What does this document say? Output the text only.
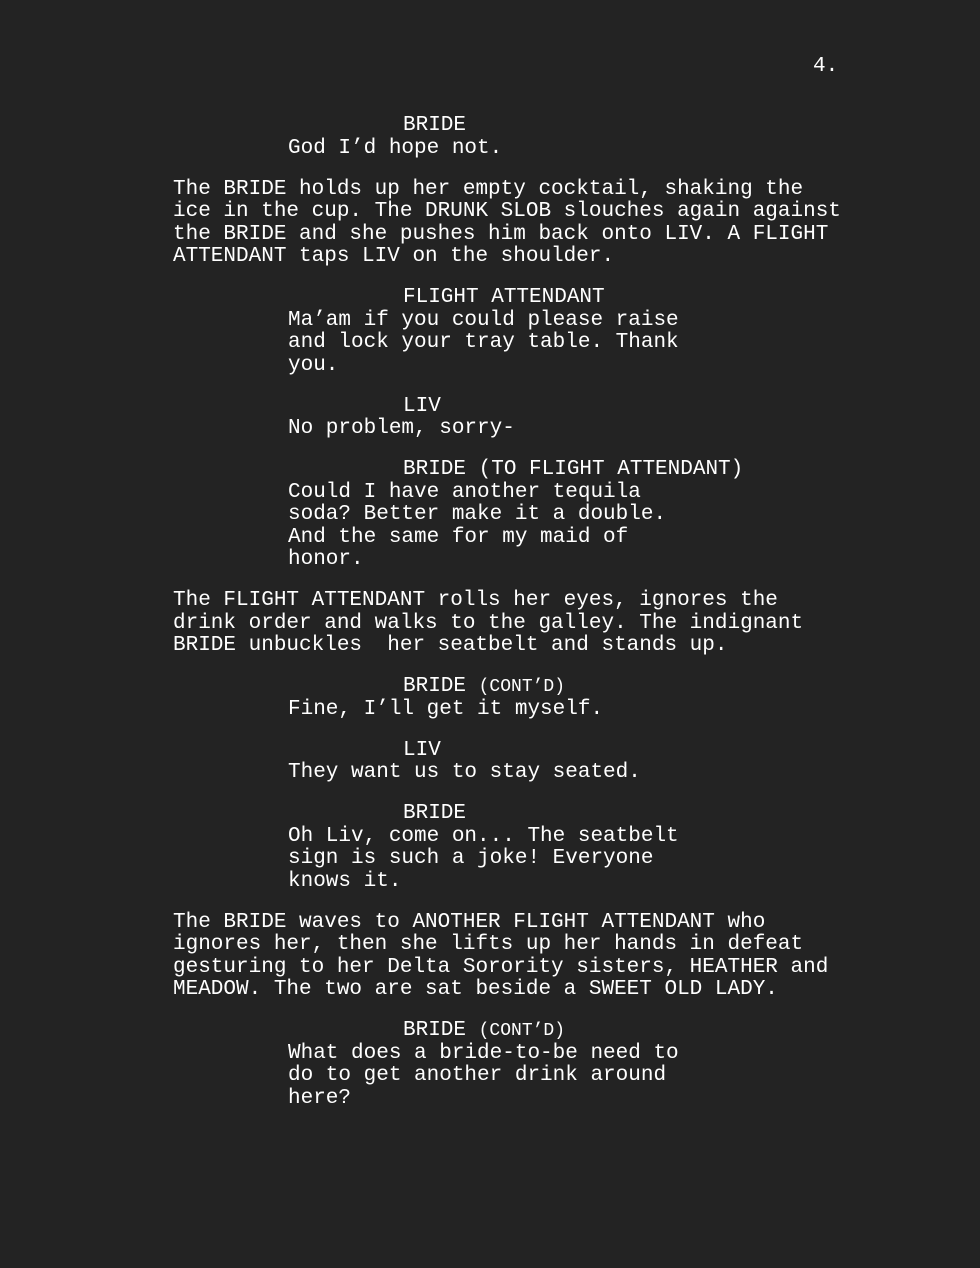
4.
BRIDE
God I’d hope not.
The BRIDE holds up her empty cocktail, shaking the
ice in the cup. The DRUNK SLOB slouches again against
the BRIDE and she pushes him back onto LIV. A FLIGHT
ATTENDANT taps LIV on the shoulder.
FLIGHT ATTENDANT
Ma’am if you could please raise
and lock your tray table. Thank
you.
LIV
No problem, sorry-
BRIDE (TO FLIGHT ATTENDANT)
Could I have another tequila
soda? Better make it a double.
And the same for my maid of
honor.
The FLIGHT ATTENDANT rolls her eyes, ignores the
drink order and walks to the galley. The indignant
BRIDE unbuckles  her seatbelt and stands up.
BRIDE (CONT’D)
Fine, I’ll get it myself.
LIV
They want us to stay seated.
BRIDE
Oh Liv, come on... The seatbelt
sign is such a joke! Everyone
knows it.
The BRIDE waves to ANOTHER FLIGHT ATTENDANT who
ignores her, then she lifts up her hands in defeat
gesturing to her Delta Sorority sisters, HEATHER and
MEADOW. The two are sat beside a SWEET OLD LADY.
BRIDE (CONT’D)
What does a bride-to-be need to
do to get another drink around
here?
